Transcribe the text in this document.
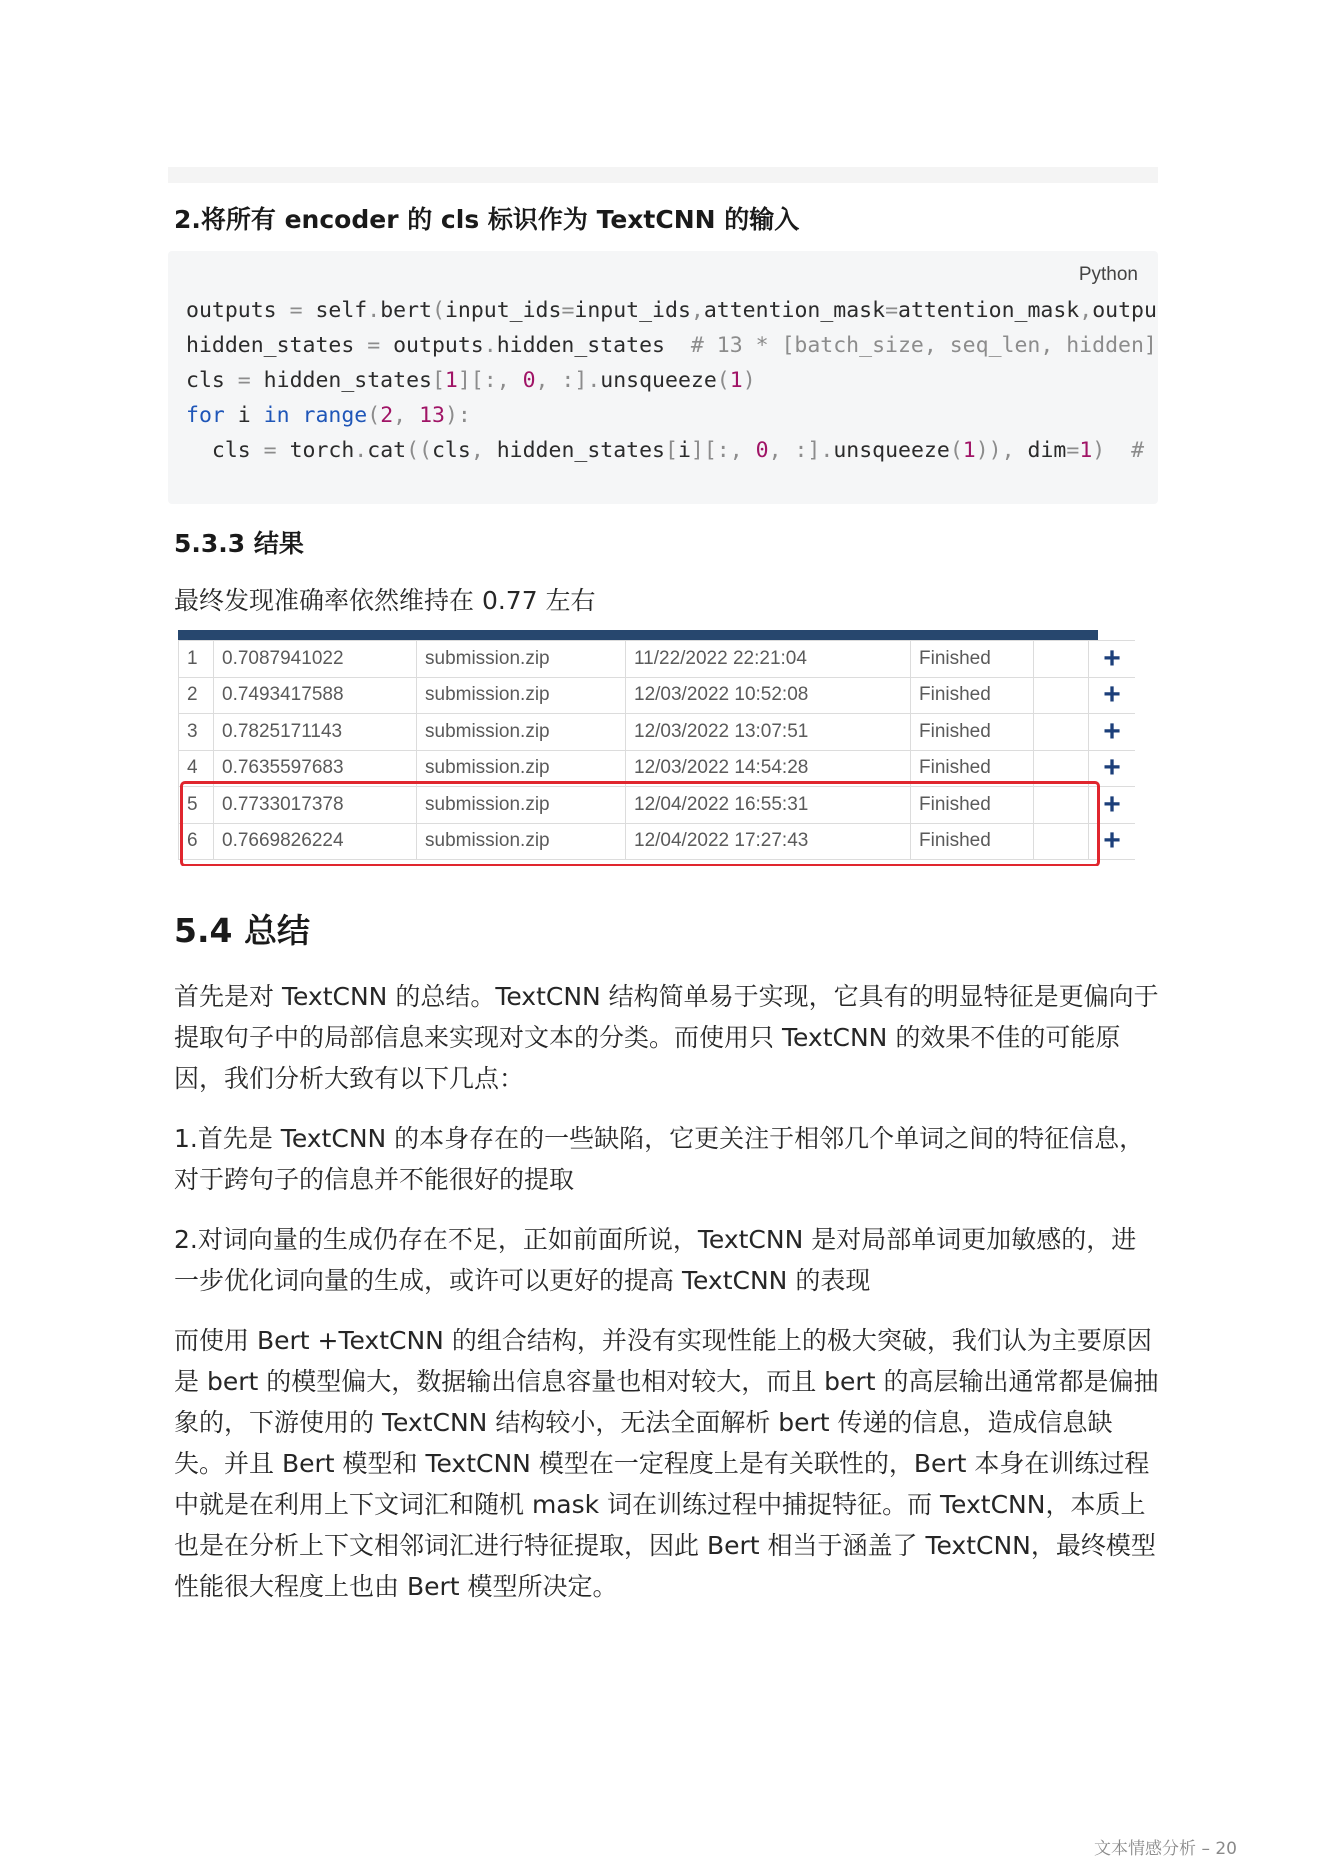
2.将所有 encoder 的 cls 标识作为 TextCNN 的输入
Python
outputs = self.bert(input_ids=input_ids,attention_mask=attention_mask,outpu
hidden_states = outputs.hidden_states  # 13 * [batch_size, seq_len, hidden]
cls = hidden_states[1][:, 0, :].unsqueeze(1)
for i in range(2, 13):
cls = torch.cat((cls, hidden_states[i][:, 0, :].unsqueeze(1)), dim=1)  #
5.3.3 结果

最终发现准确率依然维持在 0.77 左右

1	0.7087941022	submission.zip	11/22/2022 22:21:04	Finished		+
2	0.7493417588	submission.zip	12/03/2022 10:52:08	Finished		+
3	0.7825171143	submission.zip	12/03/2022 13:07:51	Finished		+
4	0.7635597683	submission.zip	12/03/2022 14:54:28	Finished		+
5	0.7733017378	submission.zip	12/04/2022 16:55:31	Finished		+
6	0.7669826224	submission.zip	12/04/2022 17:27:43	Finished		+
5.4 总结

首先是对 TextCNN 的总结。TextCNN 结构简单易于实现，它具有的明显特征是更偏向于提取句子中的局部信息来实现对文本的分类。而使用只 TextCNN 的效果不佳的可能原因，我们分析大致有以下几点：

1.首先是 TextCNN 的本身存在的一些缺陷，它更关注于相邻几个单词之间的特征信息，对于跨句子的信息并不能很好的提取

2.对词向量的生成仍存在不足，正如前面所说，TextCNN 是对局部单词更加敏感的，进一步优化词向量的生成，或许可以更好的提高 TextCNN 的表现

而使用 Bert +TextCNN 的组合结构，并没有实现性能上的极大突破，我们认为主要原因是 bert 的模型偏大，数据输出信息容量也相对较大，而且 bert 的高层输出通常都是偏抽象的，下游使用的 TextCNN 结构较小，无法全面解析 bert 传递的信息，造成信息缺失。并且 Bert 模型和 TextCNN 模型在一定程度上是有关联性的，Bert 本身在训练过程中就是在利用上下文词汇和随机 mask 词在训练过程中捕捉特征。而 TextCNN，本质上也是在分析上下文相邻词汇进行特征提取，因此 Bert 相当于涵盖了 TextCNN，最终模型性能很大程度上也由 Bert 模型所决定。

文本情感分析 – 20
